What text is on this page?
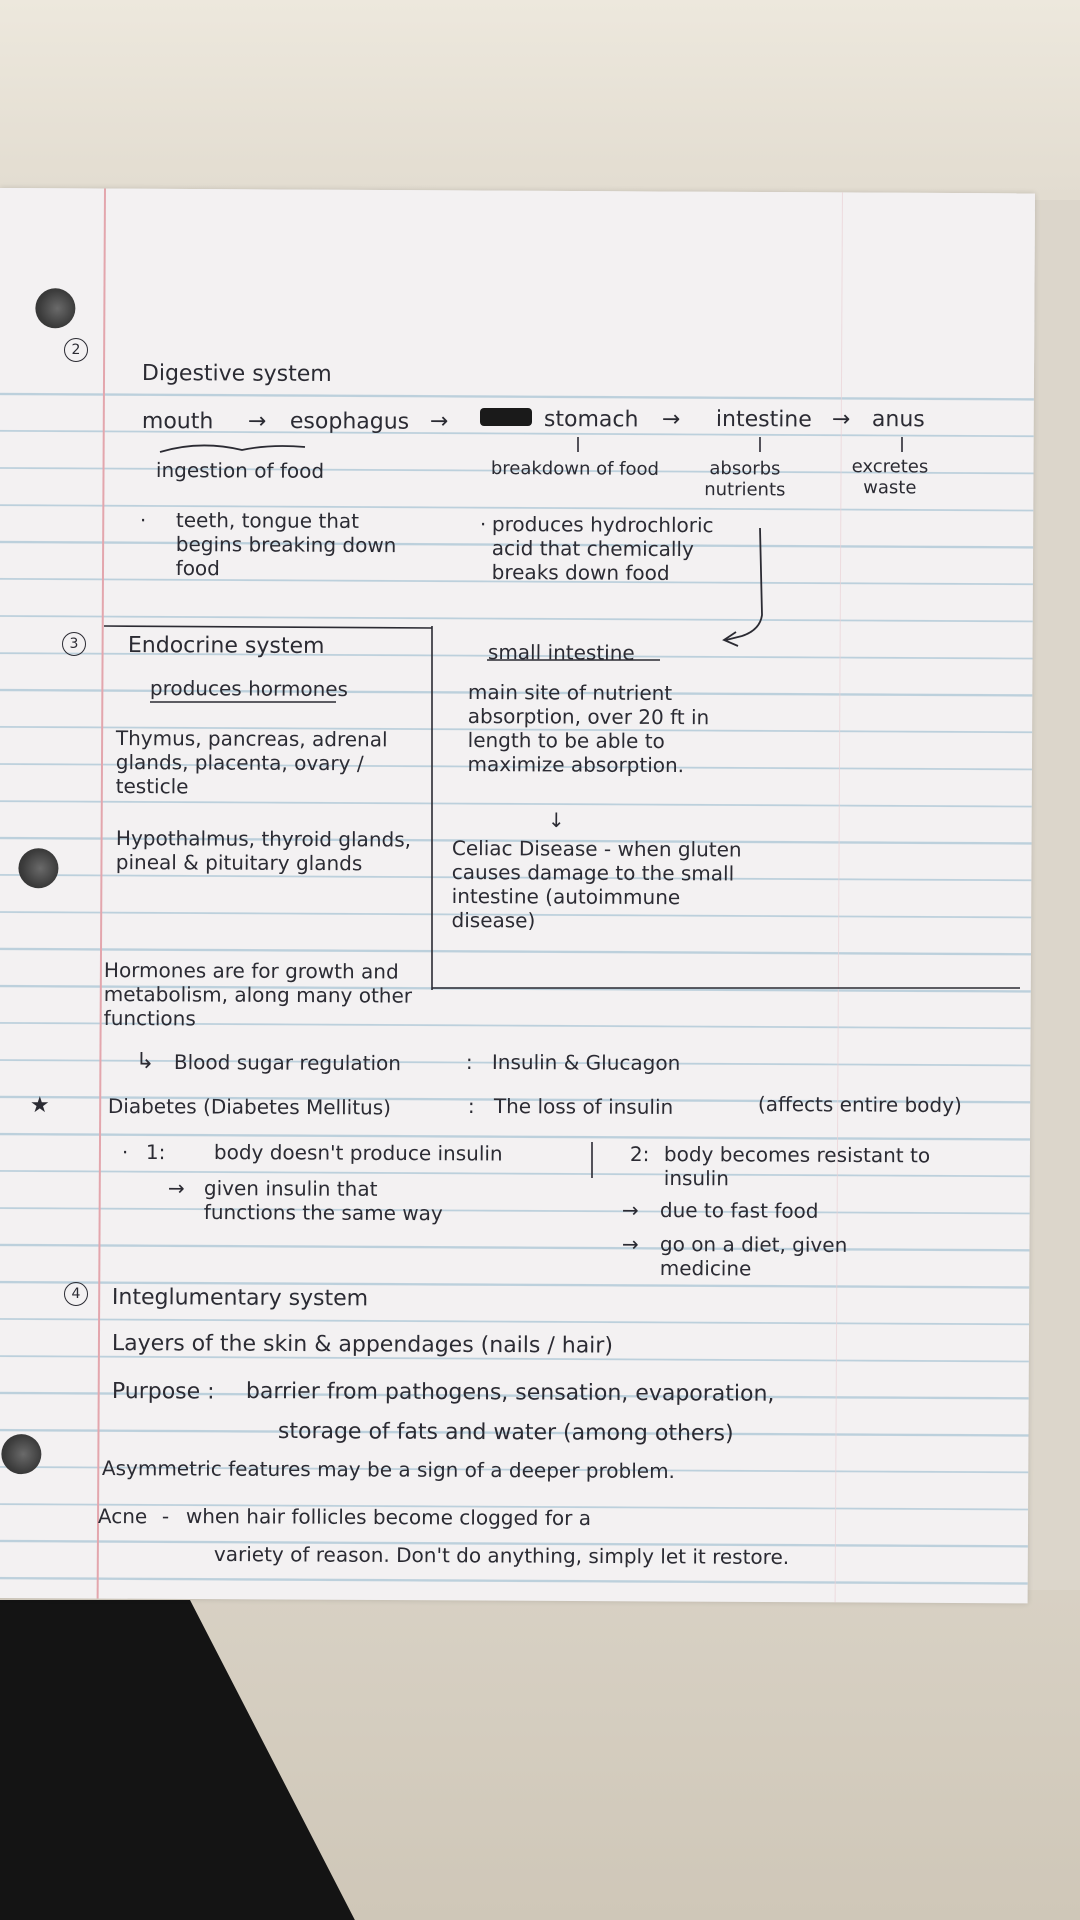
2
Digestive system
mouth → esophagus →	stomach → intestine → anus
ingestion of food	breakdown of food	absorbs nutrients
excretes waste
· teeth, tongue that begins breaking down food
· produces hydrochloric acid that chemically breaks down food
3	Endocrine system
produces hormones
Thymus, pancreas, adrenal glands, placenta, ovary / testicle
Hypothalmus, thyroid glands, pineal & pituitary glands
Hormones are for growth and metabolism, along many other functions
↳ Blood sugar regulation	: Insulin & Glucagon
small intestine
main site of nutrient absorption, over 20 ft in length to be able to maximize absorption.
↓
Celiac Disease - when gluten causes damage to the small intestine (autoimmune disease)
★	Diabetes (Diabetes Mellitus)	: The loss of insulin	(affects entire body)
· 1: body doesn't produce insulin
→ given insulin that functions the same way
2: body becomes resistant to insulin
→ due to fast food
→ go on a diet, given medicine
4	Integlumentary system
Layers of the skin & appendages (nails / hair)
Purpose : barrier from pathogens, sensation, evaporation,
storage of fats and water (among others)
Asymmetric features may be a sign of a deeper problem.
Acne - when hair follicles become clogged for a
variety of reason. Don't do anything, simply let it restore.
